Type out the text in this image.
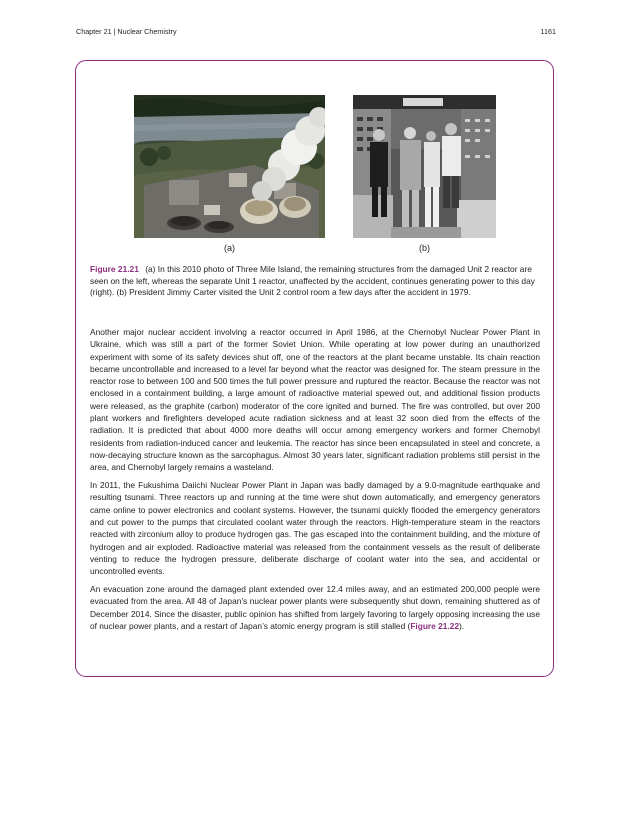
Chapter 21 | Nuclear Chemistry	1161
(a)	(b)
Figure 21.21 (a) In this 2010 photo of Three Mile Island, the remaining structures from the damaged Unit 2 reactor are seen on the left, whereas the separate Unit 1 reactor, unaffected by the accident, continues generating power to this day (right). (b) President Jimmy Carter visited the Unit 2 control room a few days after the accident in 1979.

Another major nuclear accident involving a reactor occurred in April 1986, at the Chernobyl Nuclear Power Plant in Ukraine, which was still a part of the former Soviet Union. While operating at low power during an unauthorized experiment with some of its safety devices shut off, one of the reactors at the plant became unstable. Its chain reaction became uncontrollable and increased to a level far beyond what the reactor was designed for. The steam pressure in the reactor rose to between 100 and 500 times the full power pressure and ruptured the reactor. Because the reactor was not enclosed in a containment building, a large amount of radioactive material spewed out, and additional fission products were released, as the graphite (carbon) moderator of the core ignited and burned. The fire was controlled, but over 200 plant workers and firefighters developed acute radiation sickness and at least 32 soon died from the effects of the radiation. It is predicted that about 4000 more deaths will occur among emergency workers and former Chernobyl residents from radiation-induced cancer and leukemia. The reactor has since been encapsulated in steel and concrete, a now-decaying structure known as the sarcophagus. Almost 30 years later, significant radiation problems still persist in the area, and Chernobyl largely remains a wasteland.

In 2011, the Fukushima Daiichi Nuclear Power Plant in Japan was badly damaged by a 9.0-magnitude earthquake and resulting tsunami. Three reactors up and running at the time were shut down automatically, and emergency generators came online to power electronics and coolant systems. However, the tsunami quickly flooded the emergency generators and cut power to the pumps that circulated coolant water through the reactors. High-temperature steam in the reactors reacted with zirconium alloy to produce hydrogen gas. The gas escaped into the containment building, and the mixture of hydrogen and air exploded. Radioactive material was released from the containment vessels as the result of deliberate venting to reduce the hydrogen pressure, deliberate discharge of coolant water into the sea, and accidental or uncontrolled events.

An evacuation zone around the damaged plant extended over 12.4 miles away, and an estimated 200,000 people were evacuated from the area. All 48 of Japan’s nuclear power plants were subsequently shut down, remaining shuttered as of December 2014. Since the disaster, public opinion has shifted from largely favoring to largely opposing increasing the use of nuclear power plants, and a restart of Japan’s atomic energy program is still stalled (Figure 21.22).
